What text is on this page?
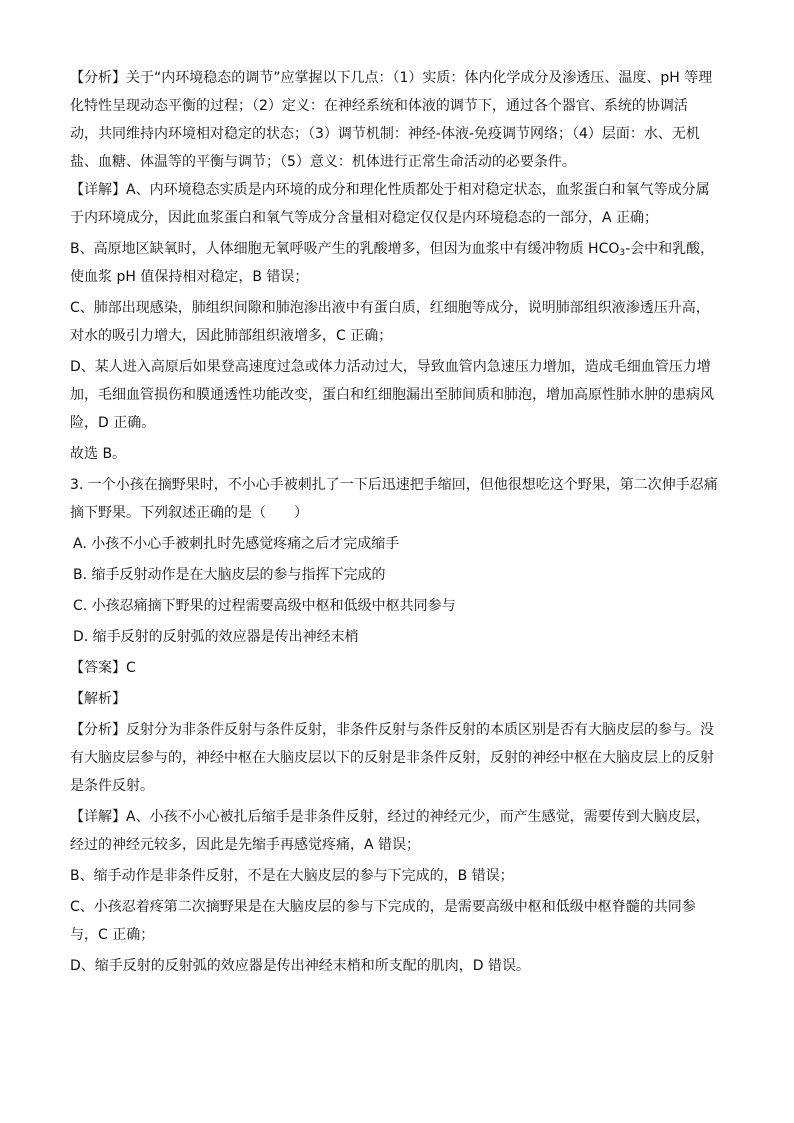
【分析】关于“内环境稳态的调节”应掌握以下几点：（1）实质：体内化学成分及渗透压、温度、pH 等理
化特性呈现动态平衡的过程；（2）定义：在神经系统和体液的调节下，通过各个器官、系统的协调活
动，共同维持内环境相对稳定的状态；（3）调节机制：神经-体液-免疫调节网络；（4）层面：水、无机
盐、血糖、体温等的平衡与调节；（5）意义：机体进行正常生命活动的必要条件。
【详解】A、内环境稳态实质是内环境的成分和理化性质都处于相对稳定状态，血浆蛋白和氧气等成分属
于内环境成分，因此血浆蛋白和氧气等成分含量相对稳定仅仅是内环境稳态的一部分，A 正确；
B、高原地区缺氧时，人体细胞无氧呼吸产生的乳酸增多，但因为血浆中有缓冲物质 $HCO_3-$会中和乳酸，
使血浆 pH 值保持相对稳定，B 错误；
C、肺部出现感染，肺组织间隙和肺泡渗出液中有蛋白质，红细胞等成分，说明肺部组织液渗透压升高，
对水的吸引力增大，因此肺部组织液增多，C 正确；
D、某人进入高原后如果登高速度过急或体力活动过大，导致血管内急速压力增加，造成毛细血管压力增
加，毛细血管损伤和膜通透性功能改变，蛋白和红细胞漏出至肺间质和肺泡，增加高原性肺水肿的患病风
险，D 正确。
故选 B。
3. 一个小孩在摘野果时，不小心手被刺扎了一下后迅速把手缩回，但他很想吃这个野果，第二次伸手忍痛
摘下野果。下列叙述正确的是（　　）
A. 小孩不小心手被刺扎时先感觉疼痛之后才完成缩手
B. 缩手反射动作是在大脑皮层的参与指挥下完成的
C. 小孩忍痛摘下野果的过程需要高级中枢和低级中枢共同参与
D. 缩手反射的反射弧的效应器是传出神经末梢
【答案】C
【解析】
【分析】反射分为非条件反射与条件反射，非条件反射与条件反射的本质区别是否有大脑皮层的参与。没
有大脑皮层参与的，神经中枢在大脑皮层以下的反射是非条件反射，反射的神经中枢在大脑皮层上的反射
是条件反射。
【详解】A、小孩不小心被扎后缩手是非条件反射，经过的神经元少，而产生感觉，需要传到大脑皮层，
经过的神经元较多，因此是先缩手再感觉疼痛，A 错误；
B、缩手动作是非条件反射，不是在大脑皮层的参与下完成的，B 错误；
C、小孩忍着疼第二次摘野果是在大脑皮层的参与下完成的，是需要高级中枢和低级中枢脊髓的共同参
与，C 正确；
D、缩手反射的反射弧的效应器是传出神经末梢和所支配的肌肉，D 错误。
